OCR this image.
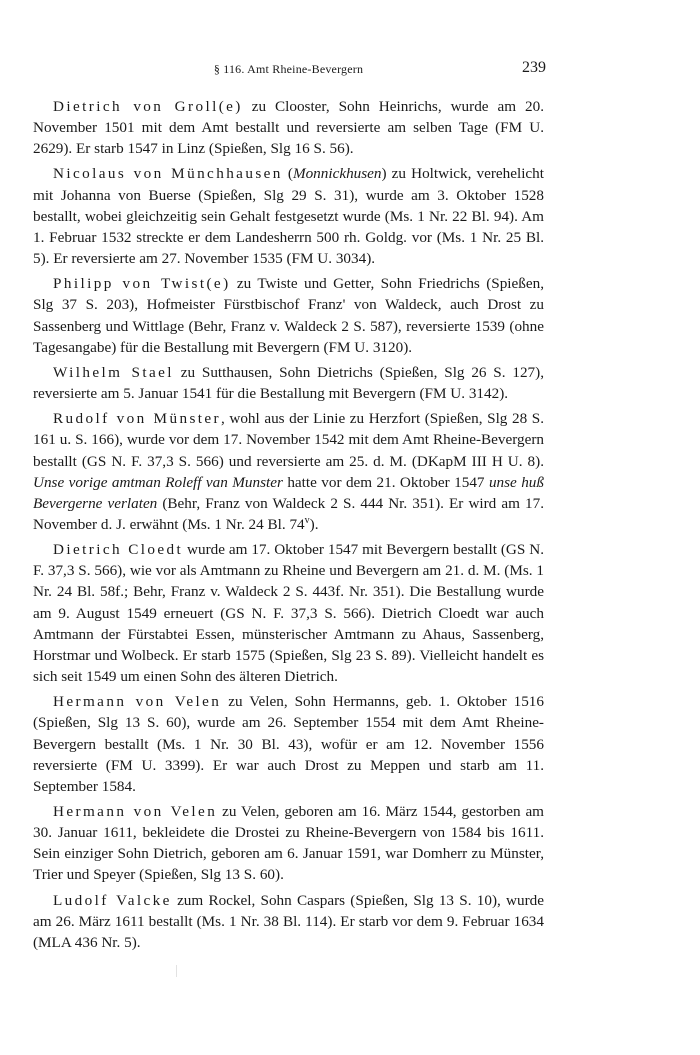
§ 116. Amt Rheine-Bevergern	239

Dietrich von Groll(e) zu Clooster, Sohn Heinrichs, wurde am 20. November 1501 mit dem Amt bestallt und reversierte am selben Tage (FM U. 2629). Er starb 1547 in Linz (Spießen, Slg 16 S. 56).

Nicolaus von Münchhausen (Monnickhusen) zu Holtwick, verehelicht mit Johanna von Buerse (Spießen, Slg 29 S. 31), wurde am 3. Oktober 1528 bestallt, wobei gleichzeitig sein Gehalt festgesetzt wurde (Ms. 1 Nr. 22 Bl. 94). Am 1. Februar 1532 streckte er dem Landesherrn 500 rh. Goldg. vor (Ms. 1 Nr. 25 Bl. 5). Er reversierte am 27. November 1535 (FM U. 3034).

Philipp von Twist(e) zu Twiste und Getter, Sohn Friedrichs (Spießen, Slg 37 S. 203), Hofmeister Fürstbischof Franz' von Waldeck, auch Drost zu Sassenberg und Wittlage (Behr, Franz v. Waldeck 2 S. 587), reversierte 1539 (ohne Tagesangabe) für die Bestallung mit Bevergern (FM U. 3120).

Wilhelm Stael zu Sutthausen, Sohn Dietrichs (Spießen, Slg 26 S. 127), reversierte am 5. Januar 1541 für die Bestallung mit Bevergern (FM U. 3142).

Rudolf von Münster, wohl aus der Linie zu Herzfort (Spießen, Slg 28 S. 161 u. S. 166), wurde vor dem 17. November 1542 mit dem Amt Rheine-Bevergern bestallt (GS N. F. 37,3 S. 566) und reversierte am 25. d. M. (DKapM III H U. 8). Unse vorige amtman Roleff van Munster hatte vor dem 21. Oktober 1547 unse huß Bevergerne verlaten (Behr, Franz von Waldeck 2 S. 444 Nr. 351). Er wird am 17. November d. J. erwähnt (Ms. 1 Nr. 24 Bl. 74$^v$).

Dietrich Cloedt wurde am 17. Oktober 1547 mit Bevergern bestallt (GS N. F. 37,3 S. 566), wie vor als Amtmann zu Rheine und Bevergern am 21. d. M. (Ms. 1 Nr. 24 Bl. 58f.; Behr, Franz v. Waldeck 2 S. 443f. Nr. 351). Die Bestallung wurde am 9. August 1549 erneuert (GS N. F. 37,3 S. 566). Dietrich Cloedt war auch Amtmann der Fürstabtei Essen, münsterischer Amtmann zu Ahaus, Sassenberg, Horstmar und Wolbeck. Er starb 1575 (Spießen, Slg 23 S. 89). Vielleicht handelt es sich seit 1549 um einen Sohn des älteren Dietrich.

Hermann von Velen zu Velen, Sohn Hermanns, geb. 1. Oktober 1516 (Spießen, Slg 13 S. 60), wurde am 26. September 1554 mit dem Amt Rheine-Bevergern bestallt (Ms. 1 Nr. 30 Bl. 43), wofür er am 12. November 1556 reversierte (FM U. 3399). Er war auch Drost zu Meppen und starb am 11. September 1584.

Hermann von Velen zu Velen, geboren am 16. März 1544, gestorben am 30. Januar 1611, bekleidete die Drostei zu Rheine-Bevergern von 1584 bis 1611. Sein einziger Sohn Dietrich, geboren am 6. Januar 1591, war Domherr zu Münster, Trier und Speyer (Spießen, Slg 13 S. 60).

Ludolf Valcke zum Rockel, Sohn Caspars (Spießen, Slg 13 S. 10), wurde am 26. März 1611 bestallt (Ms. 1 Nr. 38 Bl. 114). Er starb vor dem 9. Februar 1634 (MLA 436 Nr. 5).
